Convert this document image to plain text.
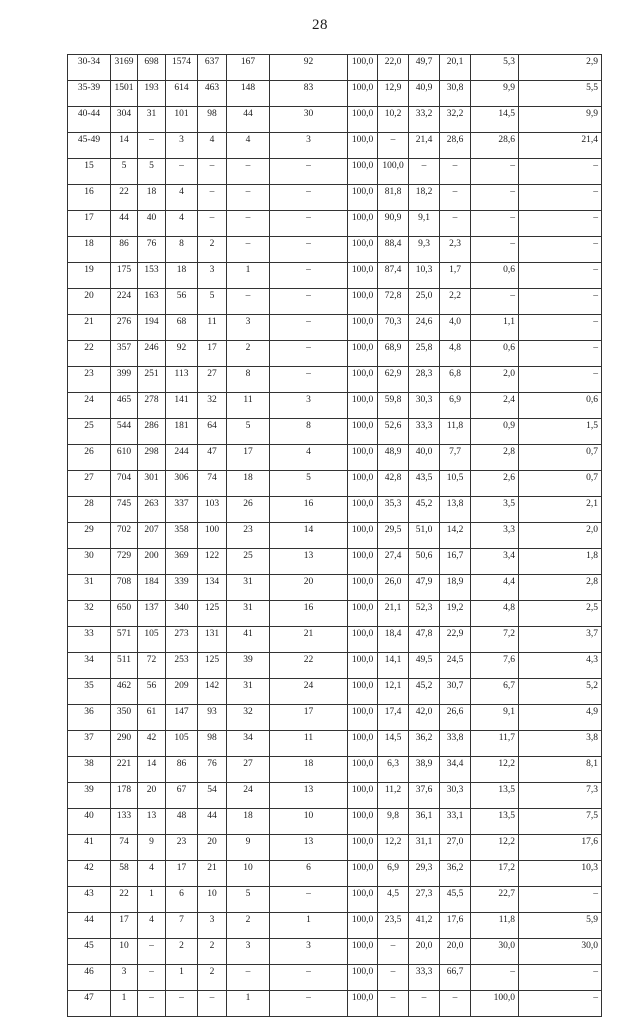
28
30-34	3169	698	1574	637	167	92	100,0	22,0	49,7	20,1	5,3	2,9
35-39	1501	193	614	463	148	83	100,0	12,9	40,9	30,8	9,9	5,5
40-44	304	31	101	98	44	30	100,0	10,2	33,2	32,2	14,5	9,9
45-49	14	–	3	4	4	3	100,0	–	21,4	28,6	28,6	21,4
15	5	5	–	–	–	–	100,0	100,0	–	–	–	–
16	22	18	4	–	–	–	100,0	81,8	18,2	–	–	–
17	44	40	4	–	–	–	100,0	90,9	9,1	–	–	–
18	86	76	8	2	–	–	100,0	88,4	9,3	2,3	–	–
19	175	153	18	3	1	–	100,0	87,4	10,3	1,7	0,6	–
20	224	163	56	5	–	–	100,0	72,8	25,0	2,2	–	–
21	276	194	68	11	3	–	100,0	70,3	24,6	4,0	1,1	–
22	357	246	92	17	2	–	100,0	68,9	25,8	4,8	0,6	–
23	399	251	113	27	8	–	100,0	62,9	28,3	6,8	2,0	–
24	465	278	141	32	11	3	100,0	59,8	30,3	6,9	2,4	0,6
25	544	286	181	64	5	8	100,0	52,6	33,3	11,8	0,9	1,5
26	610	298	244	47	17	4	100,0	48,9	40,0	7,7	2,8	0,7
27	704	301	306	74	18	5	100,0	42,8	43,5	10,5	2,6	0,7
28	745	263	337	103	26	16	100,0	35,3	45,2	13,8	3,5	2,1
29	702	207	358	100	23	14	100,0	29,5	51,0	14,2	3,3	2,0
30	729	200	369	122	25	13	100,0	27,4	50,6	16,7	3,4	1,8
31	708	184	339	134	31	20	100,0	26,0	47,9	18,9	4,4	2,8
32	650	137	340	125	31	16	100,0	21,1	52,3	19,2	4,8	2,5
33	571	105	273	131	41	21	100,0	18,4	47,8	22,9	7,2	3,7
34	511	72	253	125	39	22	100,0	14,1	49,5	24,5	7,6	4,3
35	462	56	209	142	31	24	100,0	12,1	45,2	30,7	6,7	5,2
36	350	61	147	93	32	17	100,0	17,4	42,0	26,6	9,1	4,9
37	290	42	105	98	34	11	100,0	14,5	36,2	33,8	11,7	3,8
38	221	14	86	76	27	18	100,0	6,3	38,9	34,4	12,2	8,1
39	178	20	67	54	24	13	100,0	11,2	37,6	30,3	13,5	7,3
40	133	13	48	44	18	10	100,0	9,8	36,1	33,1	13,5	7,5
41	74	9	23	20	9	13	100,0	12,2	31,1	27,0	12,2	17,6
42	58	4	17	21	10	6	100,0	6,9	29,3	36,2	17,2	10,3
43	22	1	6	10	5	–	100,0	4,5	27,3	45,5	22,7	–
44	17	4	7	3	2	1	100,0	23,5	41,2	17,6	11,8	5,9
45	10	–	2	2	3	3	100,0	–	20,0	20,0	30,0	30,0
46	3	–	1	2	–	–	100,0	–	33,3	66,7	–	–
47	1	–	–	–	1	–	100,0	–	–	–	100,0	–
